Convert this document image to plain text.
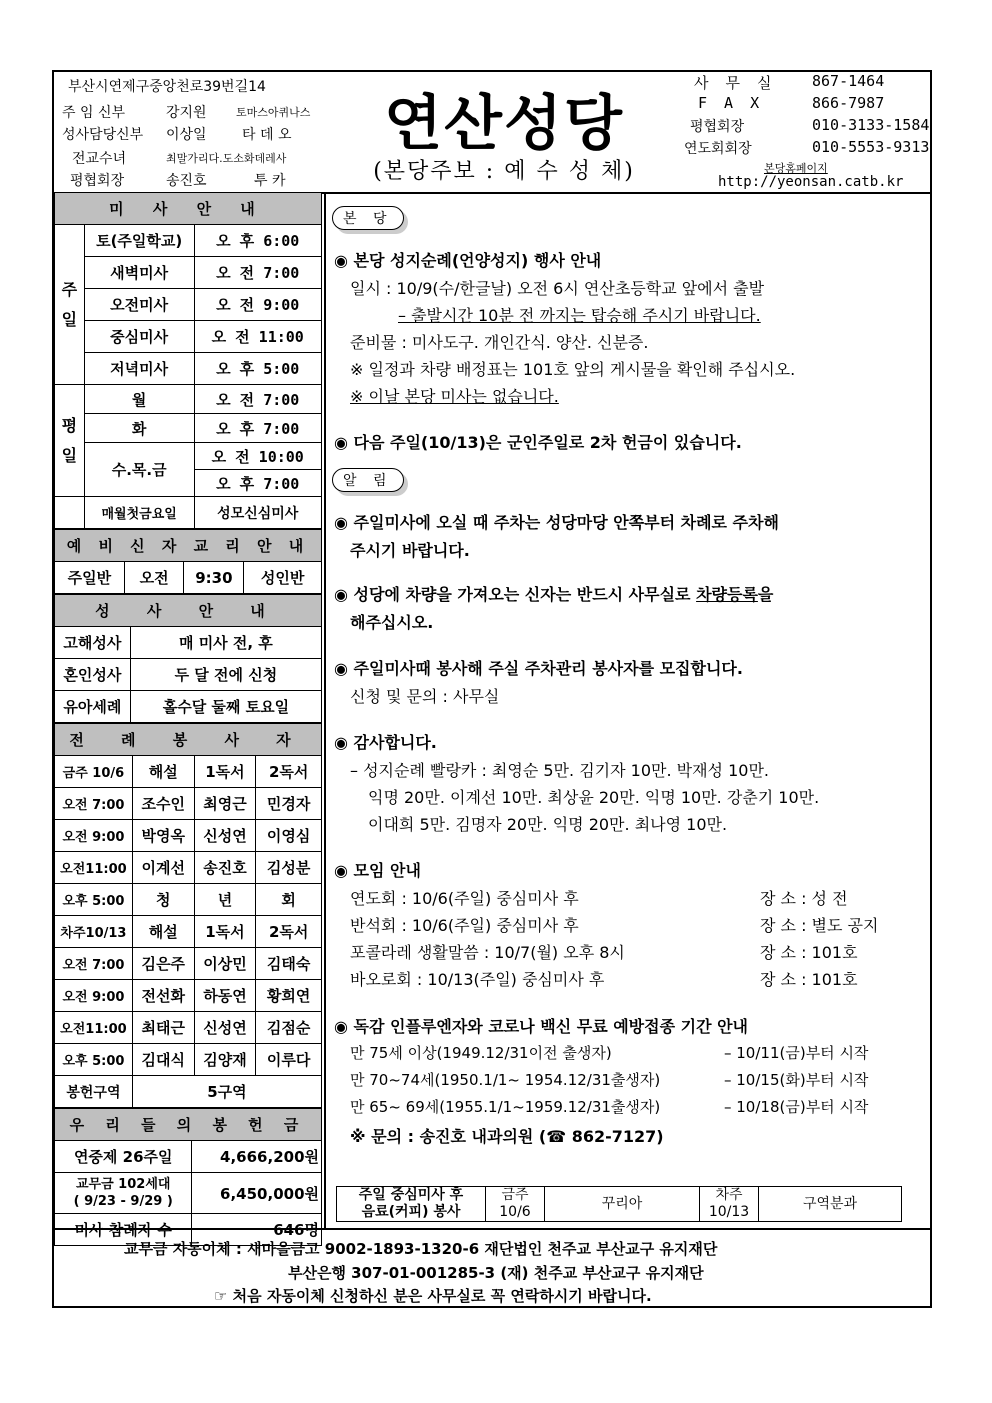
부산시연제구중앙천로39번길14
주 임 신부	강지원	토마스아퀴나스
성사담당신부 이상일	타 데 오
전교수녀	최말가리다.도소화데레사
평협회장	송진호	투 카
연산성당
(본당주보 : 예 수 성 체)
사 무 실 867-1464
F A X	866-7987
평협회장	010-3133-1584
연도회회장	010-5553-9313
본당홈페이지
http://yeonsan.catb.kr
미 사 안 내		
주 일	토(주일학교)	오 후 6:00
	새벽미사	오 전 7:00
	오전미사	오 전 9:00
	중심미사	오 전 11:00
	저녁미사	오 후 5:00
평 일	월	오 전 7:00
	화	오 후 7:00
	수.목.금	오 전 10:00
		오 후 7:00
	매월첫금요일	성모신심미사
예 비 신 자 교 리 안 내
주일반	오전	9:30	성인반
성 사 안 내	
고해성사	매 미사 전, 후
혼인성사	두 달 전에 신청
유아세례	홀수달 둘째 토요일
전 례 봉 사 자			
금주 10/6	해설	1독서	2독서
오전 7:00	조수인	최영근	민경자
오전 9:00	박영옥	신성연	이영심
오전11:00	이계선	송진호	김성분
오후 5:00	청	년	회
차주10/13	해설	1독서	2독서
오전 7:00	김은주	이상민	김태숙
오전 9:00	전선화	하동연	황희연
오전11:00	최태근	신성연	김점순
오후 5:00	김대식	김양재	이루다
봉헌구역	5구역		
우 리 들 의 봉 헌 금	
연중제 26주일	4,666,200원

교무금 102세대
( 9/23 - 9/29 )	6,450,000원
미사 참례자 수	646명
본 당
◉ 본당 성지순례(언양성지) 행사 안내
일시 : 10/9(수/한글날) 오전 6시 연산초등학교 앞에서 출발
– 출발시간 10분 전 까지는 탑승해 주시기 바랍니다.
준비물 : 미사도구. 개인간식. 양산. 신분증.
※ 일정과 차량 배정표는 101호 앞의 게시물을 확인해 주십시오.
※ 이날 본당 미사는 없습니다.
◉ 다음 주일(10/13)은 군인주일로 2차 헌금이 있습니다.
알 림
◉ 주일미사에 오실 때 주차는 성당마당 안쪽부터 차례로 주차해
주시기 바랍니다.
◉ 성당에 차량을 가져오는 신자는 반드시 사무실로 차량등록을
해주십시오.
◉ 주일미사때 봉사해 주실 주차관리 봉사자를 모집합니다.
신청 및 문의 : 사무실
◉ 감사합니다.
– 성지순례 빨랑카 : 최영순 5만. 김기자 10만. 박재성 10만.
익명 20만. 이계선 10만. 최상윤 20만. 익명 10만. 강춘기 10만.
이대희 5만. 김명자 20만. 익명 20만. 최나영 10만.
◉ 모임 안내
연도회 : 10/6(주일) 중심미사 후	장 소 : 성 전
반석회 : 10/6(주일) 중심미사 후	장 소 : 별도 공지
포콜라레 생활말씀 : 10/7(월) 오후 8시	장 소 : 101호
바오로회 : 10/13(주일) 중심미사 후	장 소 : 101호
◉ 독감 인플루엔자와 코로나 백신 무료 예방접종 기간 안내
만 75세 이상(1949.12/31이전 출생자)	– 10/11(금)부터 시작
만 70~74세(1950.1/1~ 1954.12/31출생자)	– 10/15(화)부터 시작
만 65~ 69세(1955.1/1~1959.12/31출생자)	– 10/18(금)부터 시작
※ 문의 : 송진호 내과의원 (☎ 862-7127)
주일 중심미사 후
음료(커피) 봉사

금주
10/6
	꾸리아	
차주
10/13
	구역분과
교무금 자동이체 : 새마을금고 9002-1893-1320-6 재단법인 천주교 부산교구 유지재단
부산은행 307-01-001285-3 (재) 천주교 부산교구 유지재단
☞ 처음 자동이체 신청하신 분은 사무실로 꼭 연락하시기 바랍니다.
